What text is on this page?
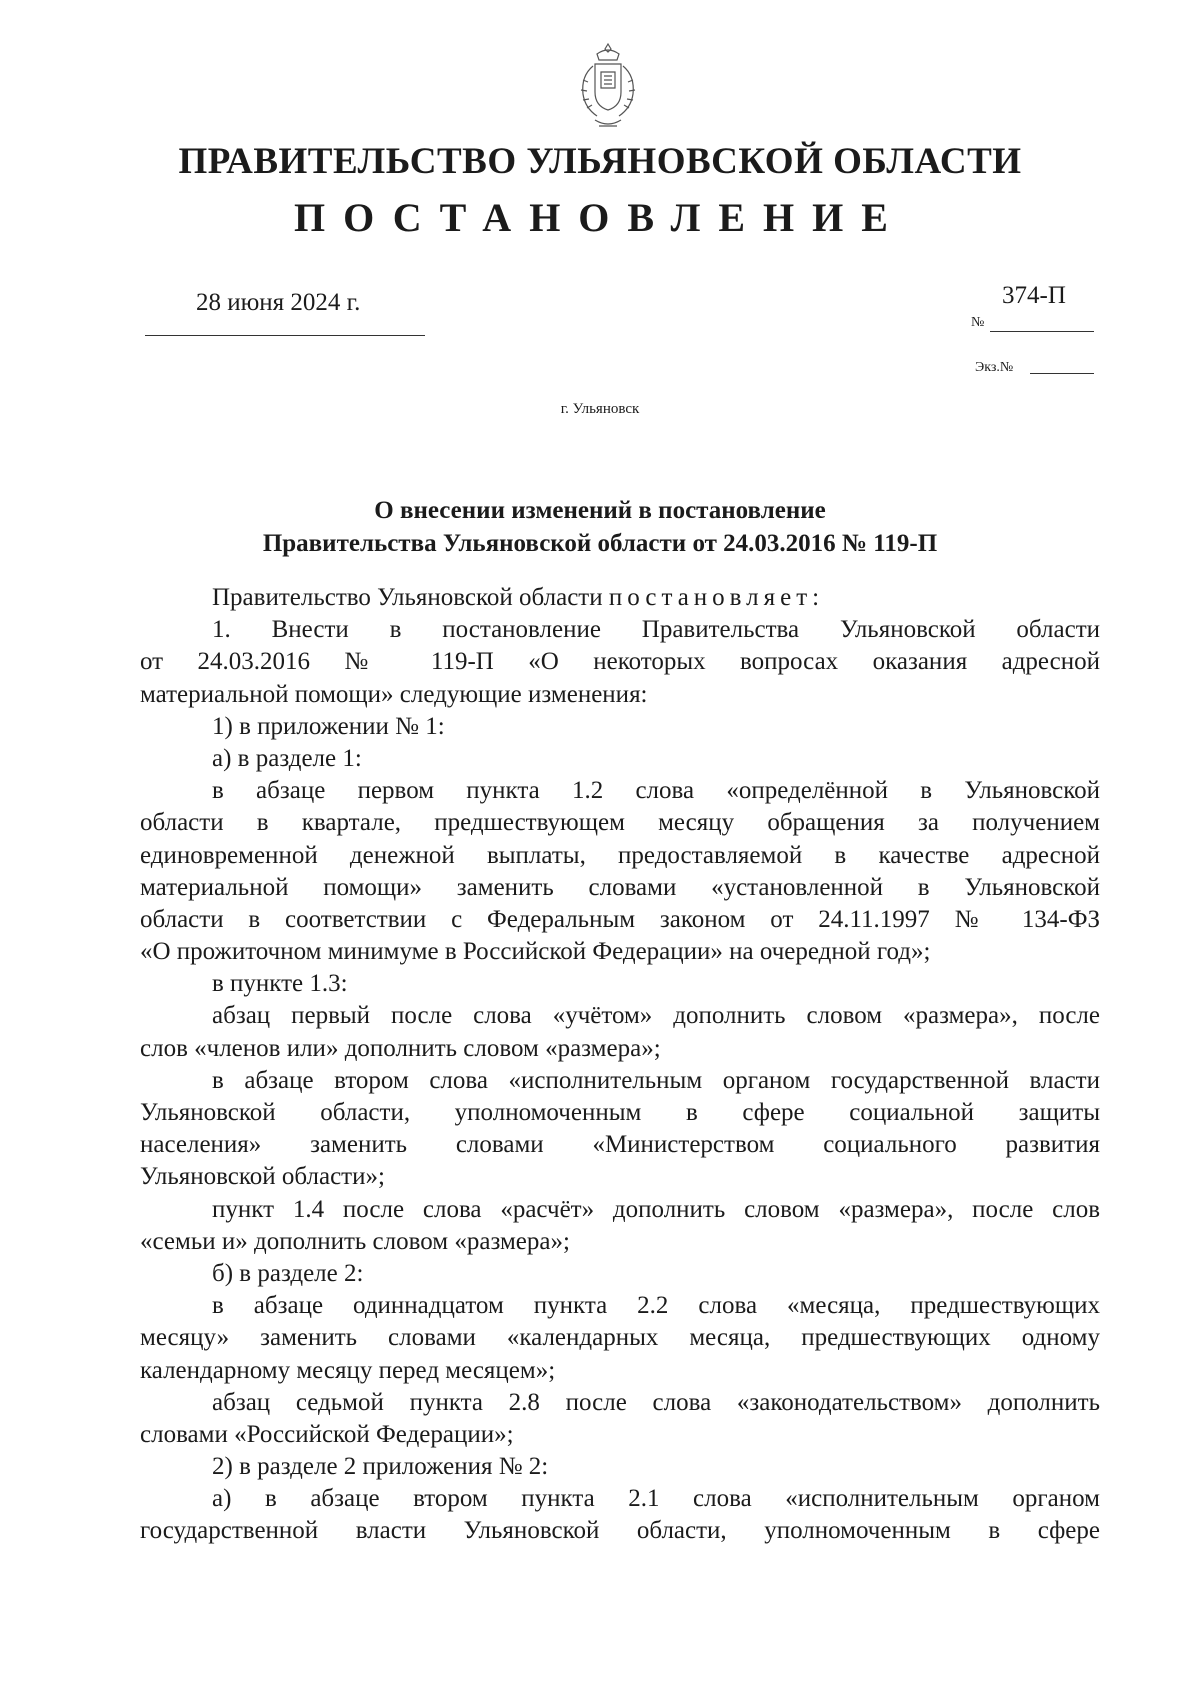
ПРАВИТЕЛЬСТВО УЛЬЯНОВСКОЙ ОБЛАСТИ
ПОСТАНОВЛЕНИЕ
28 июня 2024 г.
№
374-П
Экз.№
г. Ульяновск
О внесении изменений в постановление
Правительства Ульяновской области от 24.03.2016 № 119-П
Правительство Ульяновской области постановляет:
1. Внести в постановление Правительства Ульяновской области
от 24.03.2016 № 119-П «О некоторых вопросах оказания адресной
материальной помощи» следующие изменения:
1) в приложении № 1:
а) в разделе 1:
в абзаце первом пункта 1.2 слова «определённой в Ульяновской
области в квартале, предшествующем месяцу обращения за получением
единовременной денежной выплаты, предоставляемой в качестве адресной
материальной помощи» заменить словами «установленной в Ульяновской
области в соответствии с Федеральным законом от 24.11.1997 № 134-ФЗ
«О прожиточном минимуме в Российской Федерации» на очередной год»;
в пункте 1.3:
абзац первый после слова «учётом» дополнить словом «размера», после
слов «членов или» дополнить словом «размера»;
в абзаце втором слова «исполнительным органом государственной власти
Ульяновской области, уполномоченным в сфере социальной защиты
населения» заменить словами «Министерством социального развития
Ульяновской области»;
пункт 1.4 после слова «расчёт» дополнить словом «размера», после слов
«семьи и» дополнить словом «размера»;
б) в разделе 2:
в абзаце одиннадцатом пункта 2.2 слова «месяца, предшествующих
месяцу» заменить словами «календарных месяца, предшествующих одному
календарному месяцу перед месяцем»;
абзац седьмой пункта 2.8 после слова «законодательством» дополнить
словами «Российской Федерации»;
2) в разделе 2 приложения № 2:
а) в абзаце втором пункта 2.1 слова «исполнительным органом
государственной власти Ульяновской области, уполномоченным в сфере
